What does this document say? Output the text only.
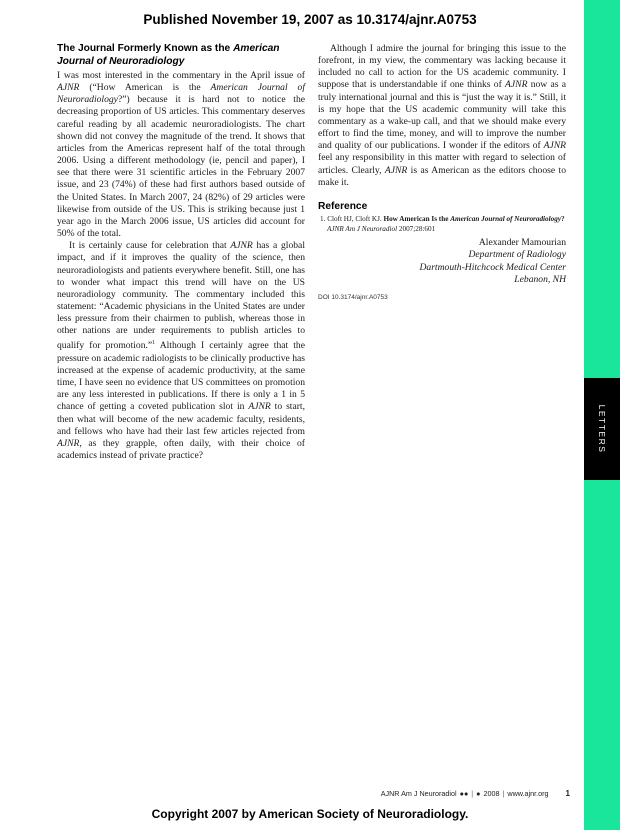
Published November 19, 2007 as 10.3174/ajnr.A0753
LETTERS
The Journal Formerly Known as the American Journal of Neuroradiology

I was most interested in the commentary in the April issue of AJNR (“How American is the American Journal of Neuroradiology?”) because it is hard not to notice the decreasing proportion of US articles. This commentary deserves careful reading by all academic neuroradiologists. The chart shown did not convey the magnitude of the trend. It shows that articles from the Americas represent half of the total through 2006. Using a different methodology (ie, pencil and paper), I see that there were 31 scientific articles in the February 2007 issue, and 23 (74%) of these had first authors based outside of the United States. In March 2007, 24 (82%) of 29 articles were likewise from outside of the US. This is striking because just 1 year ago in the March 2006 issue, US articles did account for 50% of the total.

It is certainly cause for celebration that AJNR has a global impact, and if it improves the quality of the science, then neuroradiologists and patients everywhere benefit. Still, one has to wonder what impact this trend will have on the US neuroradiology community. The commentary included this statement: “Academic physicians in the United States are under less pressure from their chairmen to publish, whereas those in other nations are under requirements to publish articles to qualify for promotion.”$^1$ Although I certainly agree that the pressure on academic radiologists to be clinically productive has increased at the expense of academic productivity, at the same time, I have seen no evidence that US committees on promotion are any less interested in publications. If there is only a 1 in 5 chance of getting a coveted publication slot in AJNR to start, then what will become of the new academic faculty, residents, and fellows who have had their last few articles rejected from AJNR, as they grapple, often daily, with their choice of academics instead of private practice?

Although I admire the journal for bringing this issue to the forefront, in my view, the commentary was lacking because it included no call to action for the US academic community. I suppose that is understandable if one thinks of AJNR now as a truly international journal and this is “just the way it is.” Still, it is my hope that the US academic community will take this commentary as a wake-up call, and that we should make every effort to find the time, money, and will to improve the number and quality of our publications. I wonder if the editors of AJNR feel any responsibility in this matter with regard to selection of articles. Clearly, AJNR is as American as the editors choose to make it.

Reference

1. Cloft HJ, Cloft KJ. How American Is the American Journal of Neuroradiology? AJNR Am J Neuroradiol 2007;28:601

Alexander Mamourian
Department of Radiology
Dartmouth-Hitchcock Medical Center
Lebanon, NH
DOI 10.3174/ajnr.A0753
AJNR Am J Neuroradiol ●● | ● 2008 | www.ajnr.org 1
Copyright 2007 by American Society of Neuroradiology.
